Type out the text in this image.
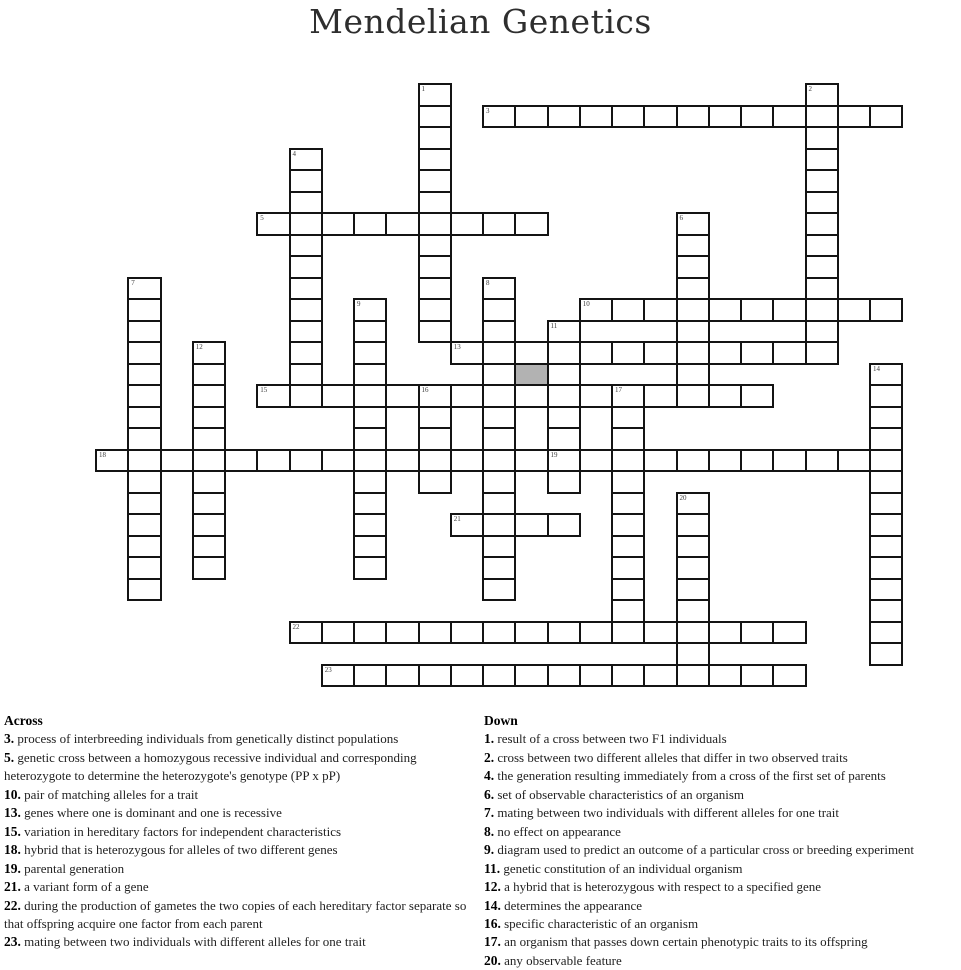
Mendelian Genetics
1	2
3
4
5	6
7	8
9	10
11
19
12	13
14
15	16	17
18
20
21
22
23
Across
3. process of interbreeding individuals from genetically distinct populations
5. genetic cross between a homozygous recessive individual and corresponding heterozygote to determine the heterozygote's genotype (PP x pP)
10. pair of matching alleles for a trait
13. genes where one is dominant and one is recessive
15. variation in hereditary factors for independent characteristics
18. hybrid that is heterozygous for alleles of two different genes
19. parental generation
21. a variant form of a gene
22. during the production of gametes the two copies of each hereditary factor separate so that offspring acquire one factor from each parent
23. mating between two individuals with different alleles for one trait
Down
1. result of a cross between two F1 individuals
2. cross between two different alleles that differ in two observed traits
4. the generation resulting immediately from a cross of the first set of parents
6. set of observable characteristics of an organism
7. mating between two individuals with different alleles for one trait
8. no effect on appearance
9. diagram used to predict an outcome of a particular cross or breeding experiment
11. genetic constitution of an individual organism
12. a hybrid that is heterozygous with respect to a specified gene
14. determines the appearance
16. specific characteristic of an organism
17. an organism that passes down certain phenotypic traits to its offspring
20. any observable feature
